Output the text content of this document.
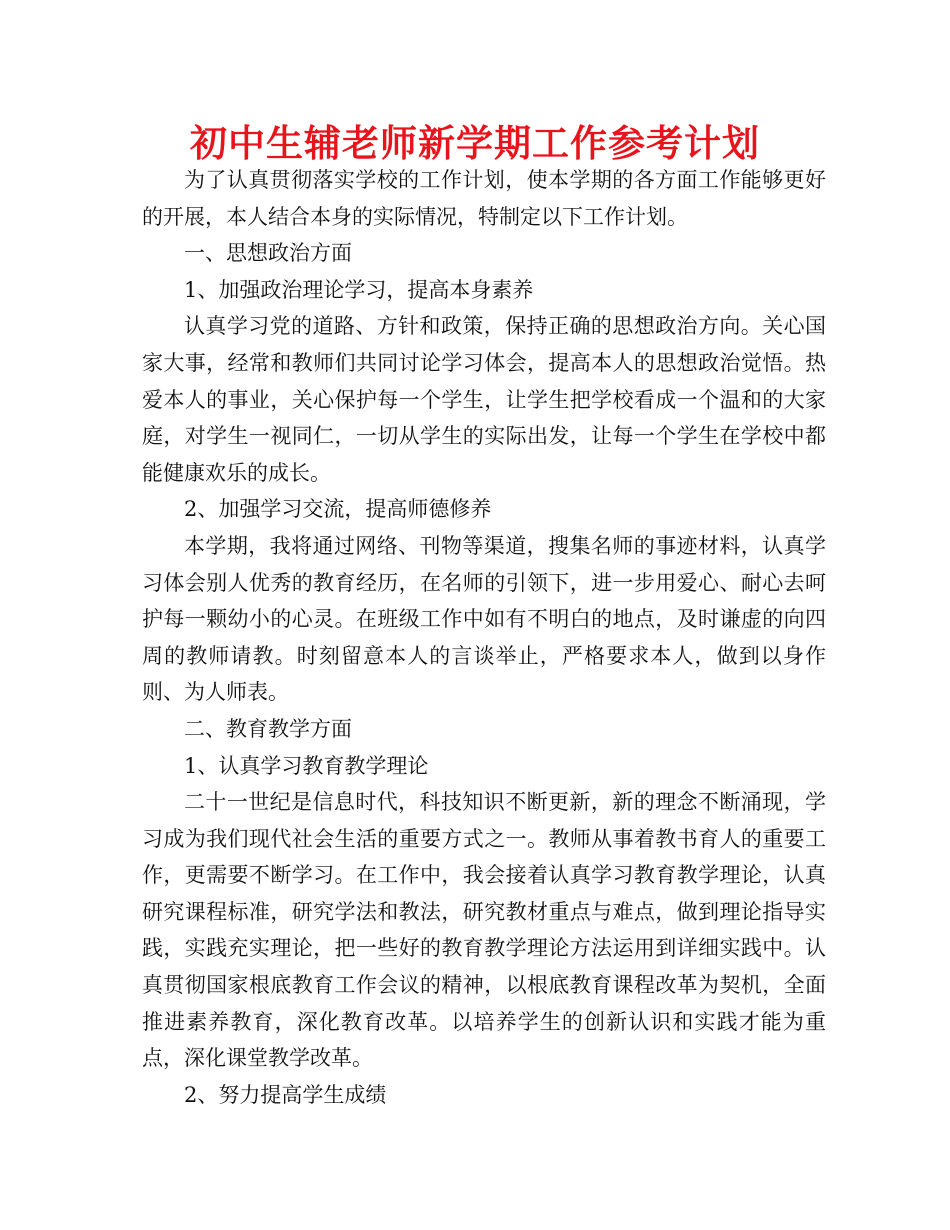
初中生辅老师新学期工作参考计划

为了认真贯彻落实学校的工作计划，使本学期的各方面工作能够更好的开展，本人结合本身的实际情况，特制定以下工作计划。

一、思想政治方面

1、加强政治理论学习，提高本身素养

认真学习党的道路、方针和政策，保持正确的思想政治方向。关心国家大事，经常和教师们共同讨论学习体会，提高本人的思想政治觉悟。热爱本人的事业，关心保护每一个学生，让学生把学校看成一个温和的大家庭，对学生一视同仁，一切从学生的实际出发，让每一个学生在学校中都能健康欢乐的成长。

2、加强学习交流，提高师德修养

本学期，我将通过网络、刊物等渠道，搜集名师的事迹材料，认真学习体会别人优秀的教育经历，在名师的引领下，进一步用爱心、耐心去呵护每一颗幼小的心灵。在班级工作中如有不明白的地点，及时谦虚的向四周的教师请教。时刻留意本人的言谈举止，严格要求本人，做到以身作则、为人师表。

二、教育教学方面

1、认真学习教育教学理论

二十一世纪是信息时代，科技知识不断更新，新的理念不断涌现，学习成为我们现代社会生活的重要方式之一。教师从事着教书育人的重要工作，更需要不断学习。在工作中，我会接着认真学习教育教学理论，认真研究课程标准，研究学法和教法，研究教材重点与难点，做到理论指导实践，实践充实理论，把一些好的教育教学理论方法运用到详细实践中。认真贯彻国家根底教育工作会议的精神，以根底教育课程改革为契机，全面推进素养教育，深化教育改革。以培养学生的创新认识和实践才能为重点，深化课堂教学改革。

2、努力提高学生成绩
